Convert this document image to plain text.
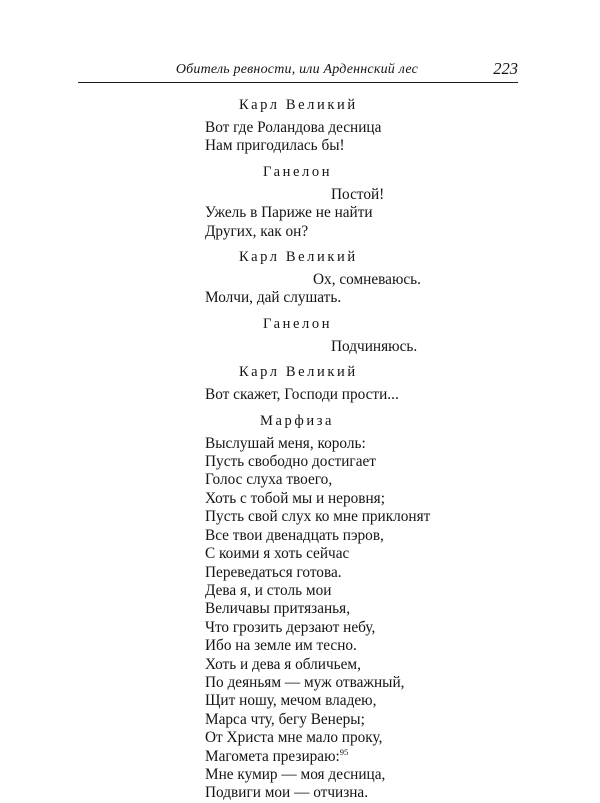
Обитель ревности, или Арденнский лес	223
Карл Великий
Вот где Роландова десница
Нам пригодилась бы!
Ганелон
Постой!
Ужель в Париже не найти
Других, как он?
Карл Великий
Ох, сомневаюсь.
Молчи, дай слушать.
Ганелон
Подчиняюсь.
Карл Великий
Вот скажет, Господи прости...
Марфиза
Выслушай меня, король:
Пусть свободно достигает
Голос слуха твоего,
Хоть с тобой мы и неровня;
Пусть свой слух ко мне приклонят
Все твои двенадцать пэров,
С коими я хоть сейчас
Переведаться готова.
Дева я, и столь мои
Величавы притязанья,
Что грозить дерзают небу,
Ибо на земле им тесно.
Хоть и дева я обличьем,
По деяньям — муж отважный,
Щит ношу, мечом владею,
Марса чту, бегу Венеры;
От Христа мне мало проку,
Магомета презираю:$^{95}$
Мне кумир — моя десница,
Подвиги мои — отчизна.
